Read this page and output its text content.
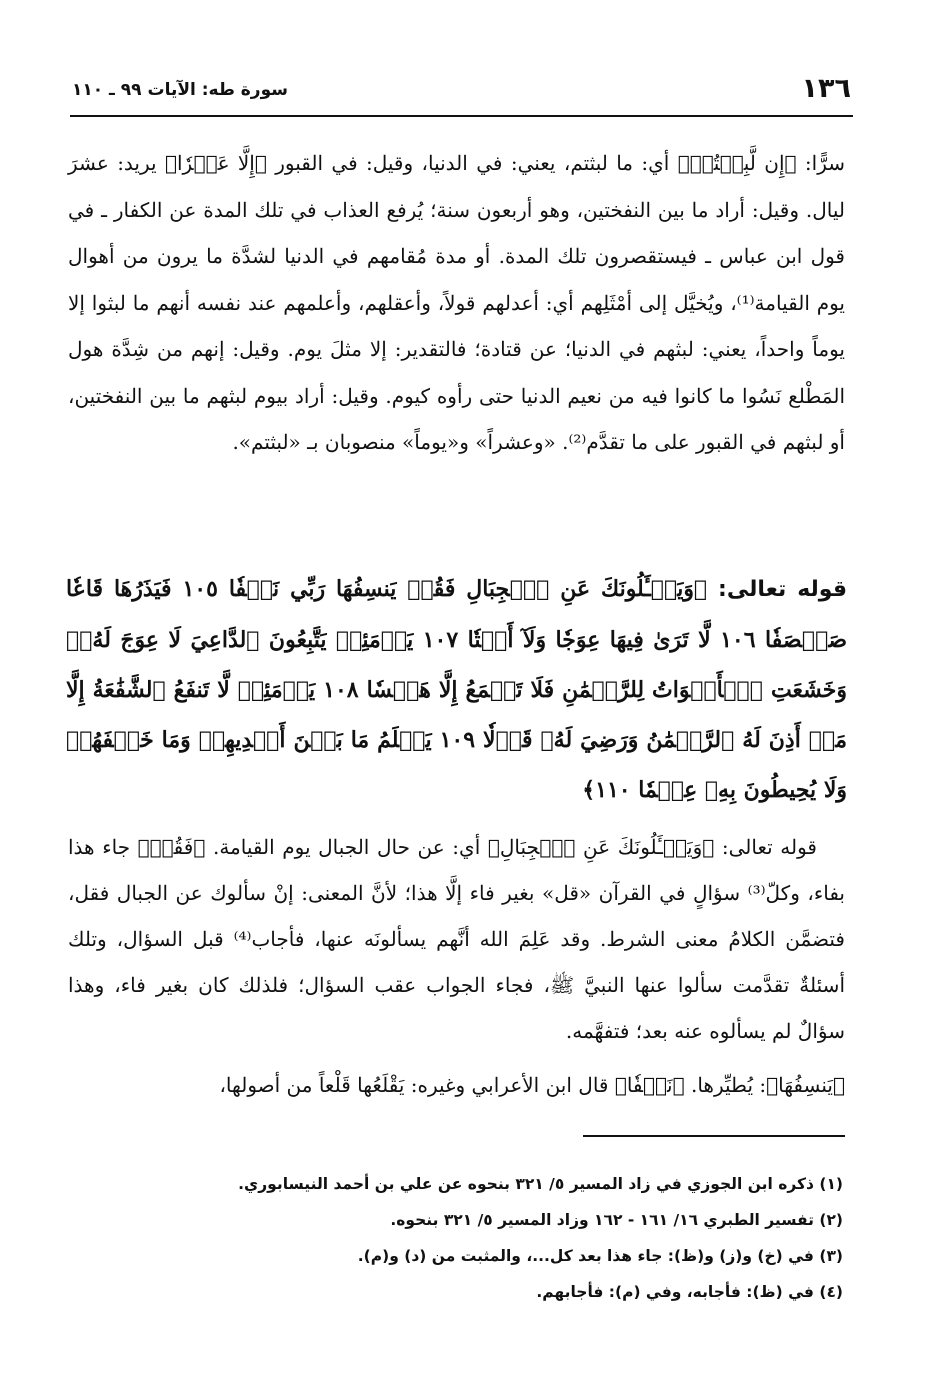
١٣٦
سورة طه: الآيات ٩٩ ـ ١١٠

سرًّا: ﴿إِن لَّبِثۡتُمۡ﴾ أي: ما لبثتم، يعني: في الدنيا، وقيل: في القبور ﴿إِلَّا عَشۡرٗا﴾ يريد: عشرَ ليال. وقيل: أراد ما بين النفختين، وهو أربعون سنة؛ يُرفع العذاب في تلك المدة عن الكفار ـ في قول ابن عباس ـ فيستقصرون تلك المدة. أو مدة مُقامهم في الدنيا لشدَّة ما يرون من أهوال يوم القيامة⁽¹⁾، ويُخيَّل إلى أمْثَلِهم أي: أعدلهم قولاً، وأعقلهم، وأعلمهم عند نفسه أنهم ما لبثوا إلا يوماً واحداً، يعني: لبثهم في الدنيا؛ عن قتادة؛ فالتقدير: إلا مثلَ يوم. وقيل: إنهم من شِدَّة هول المَطْلع نَسُوا ما كانوا فيه من نعيم الدنيا حتى رأوه كيوم. وقيل: أراد بيوم لبثهم ما بين النفختين، أو لبثهم في القبور على ما تقدَّم⁽²⁾. «وعشراً» و«يوماً» منصوبان بـ «لبثتم».

قوله تعالى: ﴿وَيَسۡـَٔلُونَكَ عَنِ ٱلۡجِبَالِ فَقُلۡ يَنسِفُهَا رَبِّي نَسۡفٗا ١٠٥ فَيَذَرُهَا قَاعٗا صَفۡصَفٗا ١٠٦ لَّا تَرَىٰ فِيهَا عِوَجٗا وَلَآ أَمۡتٗا ١٠٧ يَوۡمَئِذٖ يَتَّبِعُونَ ٱلدَّاعِيَ لَا عِوَجَ لَهُۥۖ وَخَشَعَتِ ٱلۡأَصۡوَاتُ لِلرَّحۡمَٰنِ فَلَا تَسۡمَعُ إِلَّا هَمۡسٗا ١٠٨ يَوۡمَئِذٖ لَّا تَنفَعُ ٱلشَّفَٰعَةُ إِلَّا مَنۡ أَذِنَ لَهُ ٱلرَّحۡمَٰنُ وَرَضِيَ لَهُۥ قَوۡلٗا ١٠٩ يَعۡلَمُ مَا بَيۡنَ أَيۡدِيهِمۡ وَمَا خَلۡفَهُمۡ وَلَا يُحِيطُونَ بِهِۦ عِلۡمٗا ١١٠﴾

قوله تعالى: ﴿وَيَسۡـَٔلُونَكَ عَنِ ٱلۡجِبَالِ﴾ أي: عن حال الجبال يوم القيامة. ﴿فَقُلۡ﴾ جاء هذا بفاء، وكلّ⁽³⁾ سؤالٍ في القرآن «قل» بغير فاء إلَّا هذا؛ لأنَّ المعنى: إنْ سألوك عن الجبال فقل، فتضمَّن الكلامُ معنى الشرط. وقد عَلِمَ الله أنَّهم يسألونَه عنها، فأجاب⁽⁴⁾ قبل السؤال، وتلك أسئلةٌ تقدَّمت سألوا عنها النبيَّ ﷺ، فجاء الجواب عقب السؤال؛ فلذلك كان بغير فاء، وهذا سؤالٌ لم يسألوه عنه بعد؛ فتفهَّمه.

﴿يَنسِفُهَا﴾: يُطيِّرها. ﴿نَسۡفٗا﴾ قال ابن الأعرابي وغيره: يَقْلَعُها قَلْعاً من أصولها،

(١) ذكره ابن الجوزي في زاد المسير ٥/ ٣٢١ بنحوه عن علي بن أحمد النيسابوري.

(٢) تفسير الطبري ١٦/ ١٦١ - ١٦٢ وزاد المسير ٥/ ٣٢١ بنحوه.

(٣) في (خ) و(ز) و(ظ): جاء هذا بعد كل...، والمثبت من (د) و(م).

(٤) في (ظ): فأجابه، وفي (م): فأجابهم.
